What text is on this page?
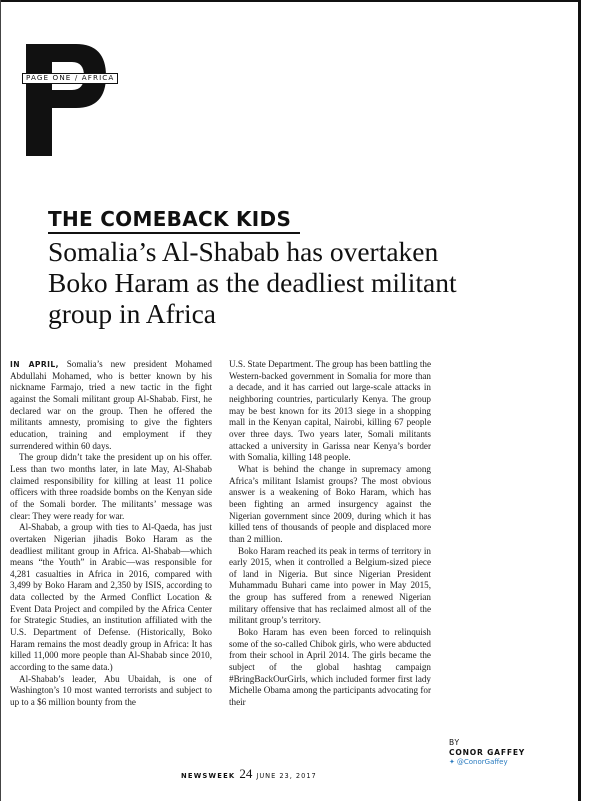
PAGE ONE / AFRICA
THE COMEBACK KIDS
Somalia’s Al-Shabab has overtaken Boko Haram as the deadliest militant group in Africa

IN APRIL, Somalia’s new president Mohamed Abdullahi Mohamed, who is better known by his nickname Farmajo, tried a new tactic in the fight against the Somali militant group Al-Shabab. First, he declared war on the group. Then he offered the militants amnesty, promising to give the fighters education, training and employment if they surrendered within 60 days.

The group didn’t take the president up on his offer. Less than two months later, in late May, Al-Shabab claimed responsibility for killing at least 11 police officers with three roadside bombs on the Kenyan side of the Somali border. The militants’ message was clear: They were ready for war.

Al-Shabab, a group with ties to Al-Qaeda, has just overtaken Nigerian jihadis Boko Haram as the deadliest militant group in Africa. Al-Shabab—which means “the Youth” in Arabic—was responsible for 4,281 casualties in Africa in 2016, compared with 3,499 by Boko Haram and 2,350 by ISIS, according to data collected by the Armed Conflict Location & Event Data Project and compiled by the Africa Center for Strategic Studies, an institution affiliated with the U.S. Department of Defense. (Historically, Boko Haram remains the most deadly group in Africa: It has killed 11,000 more people than Al-Shabab since 2010, according to the same data.)

Al-Shabab’s leader, Abu Ubaidah, is one of Washington’s 10 most wanted terrorists and subject to up to a $6 million bounty from the

U.S. State Department. The group has been battling the Western-backed government in Somalia for more than a decade, and it has carried out large-scale attacks in neighboring countries, particularly Kenya. The group may be best known for its 2013 siege in a shopping mall in the Kenyan capital, Nairobi, killing 67 people over three days. Two years later, Somali militants attacked a university in Garissa near Kenya’s border with Somalia, killing 148 people.

What is behind the change in supremacy among Africa’s militant Islamist groups? The most obvious answer is a weakening of Boko Haram, which has been fighting an armed insurgency against the Nigerian government since 2009, during which it has killed tens of thousands of people and displaced more than 2 million.

Boko Haram reached its peak in terms of territory in early 2015, when it controlled a Belgium-sized piece of land in Nigeria. But since Nigerian President Muhammadu Buhari came into power in May 2015, the group has suffered from a renewed Nigerian military offensive that has reclaimed almost all of the militant group’s territory.

Boko Haram has even been forced to relinquish some of the so-called Chibok girls, who were abducted from their school in April 2014. The girls became the subject of the global hashtag campaign #BringBackOurGirls, which included former first lady Michelle Obama among the participants advocating for their

BY
CONOR GAFFEY
✦ @ConorGaffey
NEWSWEEK 24 JUNE 23, 2017
